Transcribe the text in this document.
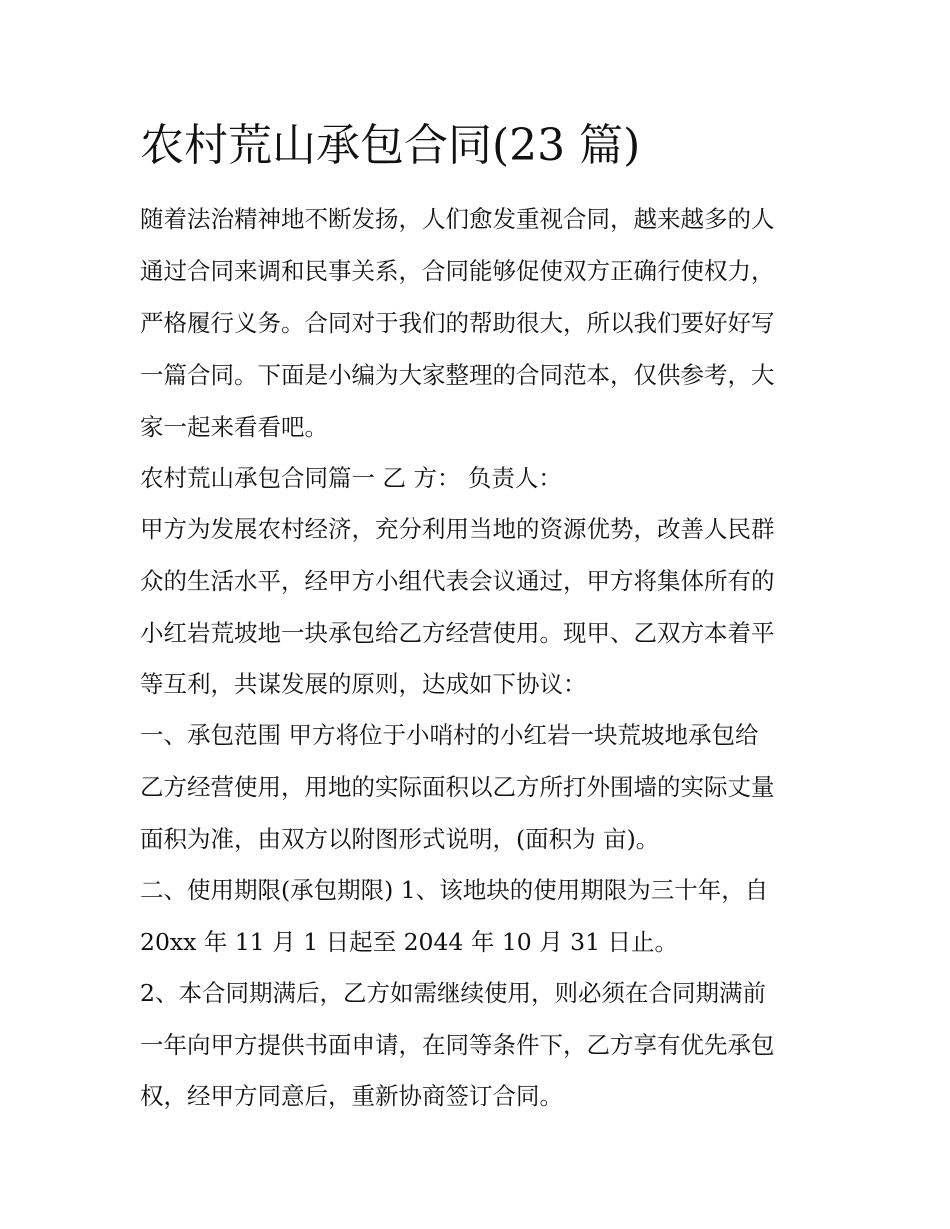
农村荒山承包合同(23 篇)

随着法治精神地不断发扬，人们愈发重视合同，越来越多的人

通过合同来调和民事关系，合同能够促使双方正确行使权力，

严格履行义务。合同对于我们的帮助很大，所以我们要好好写

一篇合同。下面是小编为大家整理的合同范本，仅供参考，大

家一起来看看吧。

农村荒山承包合同篇一 乙 方： 负责人：

甲方为发展农村经济，充分利用当地的资源优势，改善人民群

众的生活水平，经甲方小组代表会议通过，甲方将集体所有的

小红岩荒坡地一块承包给乙方经营使用。现甲、乙双方本着平

等互利，共谋发展的原则，达成如下协议：

一、承包范围 甲方将位于小哨村的小红岩一块荒坡地承包给

乙方经营使用，用地的实际面积以乙方所打外围墙的实际丈量

面积为准，由双方以附图形式说明，(面积为 亩)。

二、使用期限(承包期限) 1、该地块的使用期限为三十年，自

20xx 年 11 月 1 日起至 2044 年 10 月 31 日止。

2、本合同期满后，乙方如需继续使用，则必须在合同期满前

一年向甲方提供书面申请，在同等条件下，乙方享有优先承包

权，经甲方同意后，重新协商签订合同。
